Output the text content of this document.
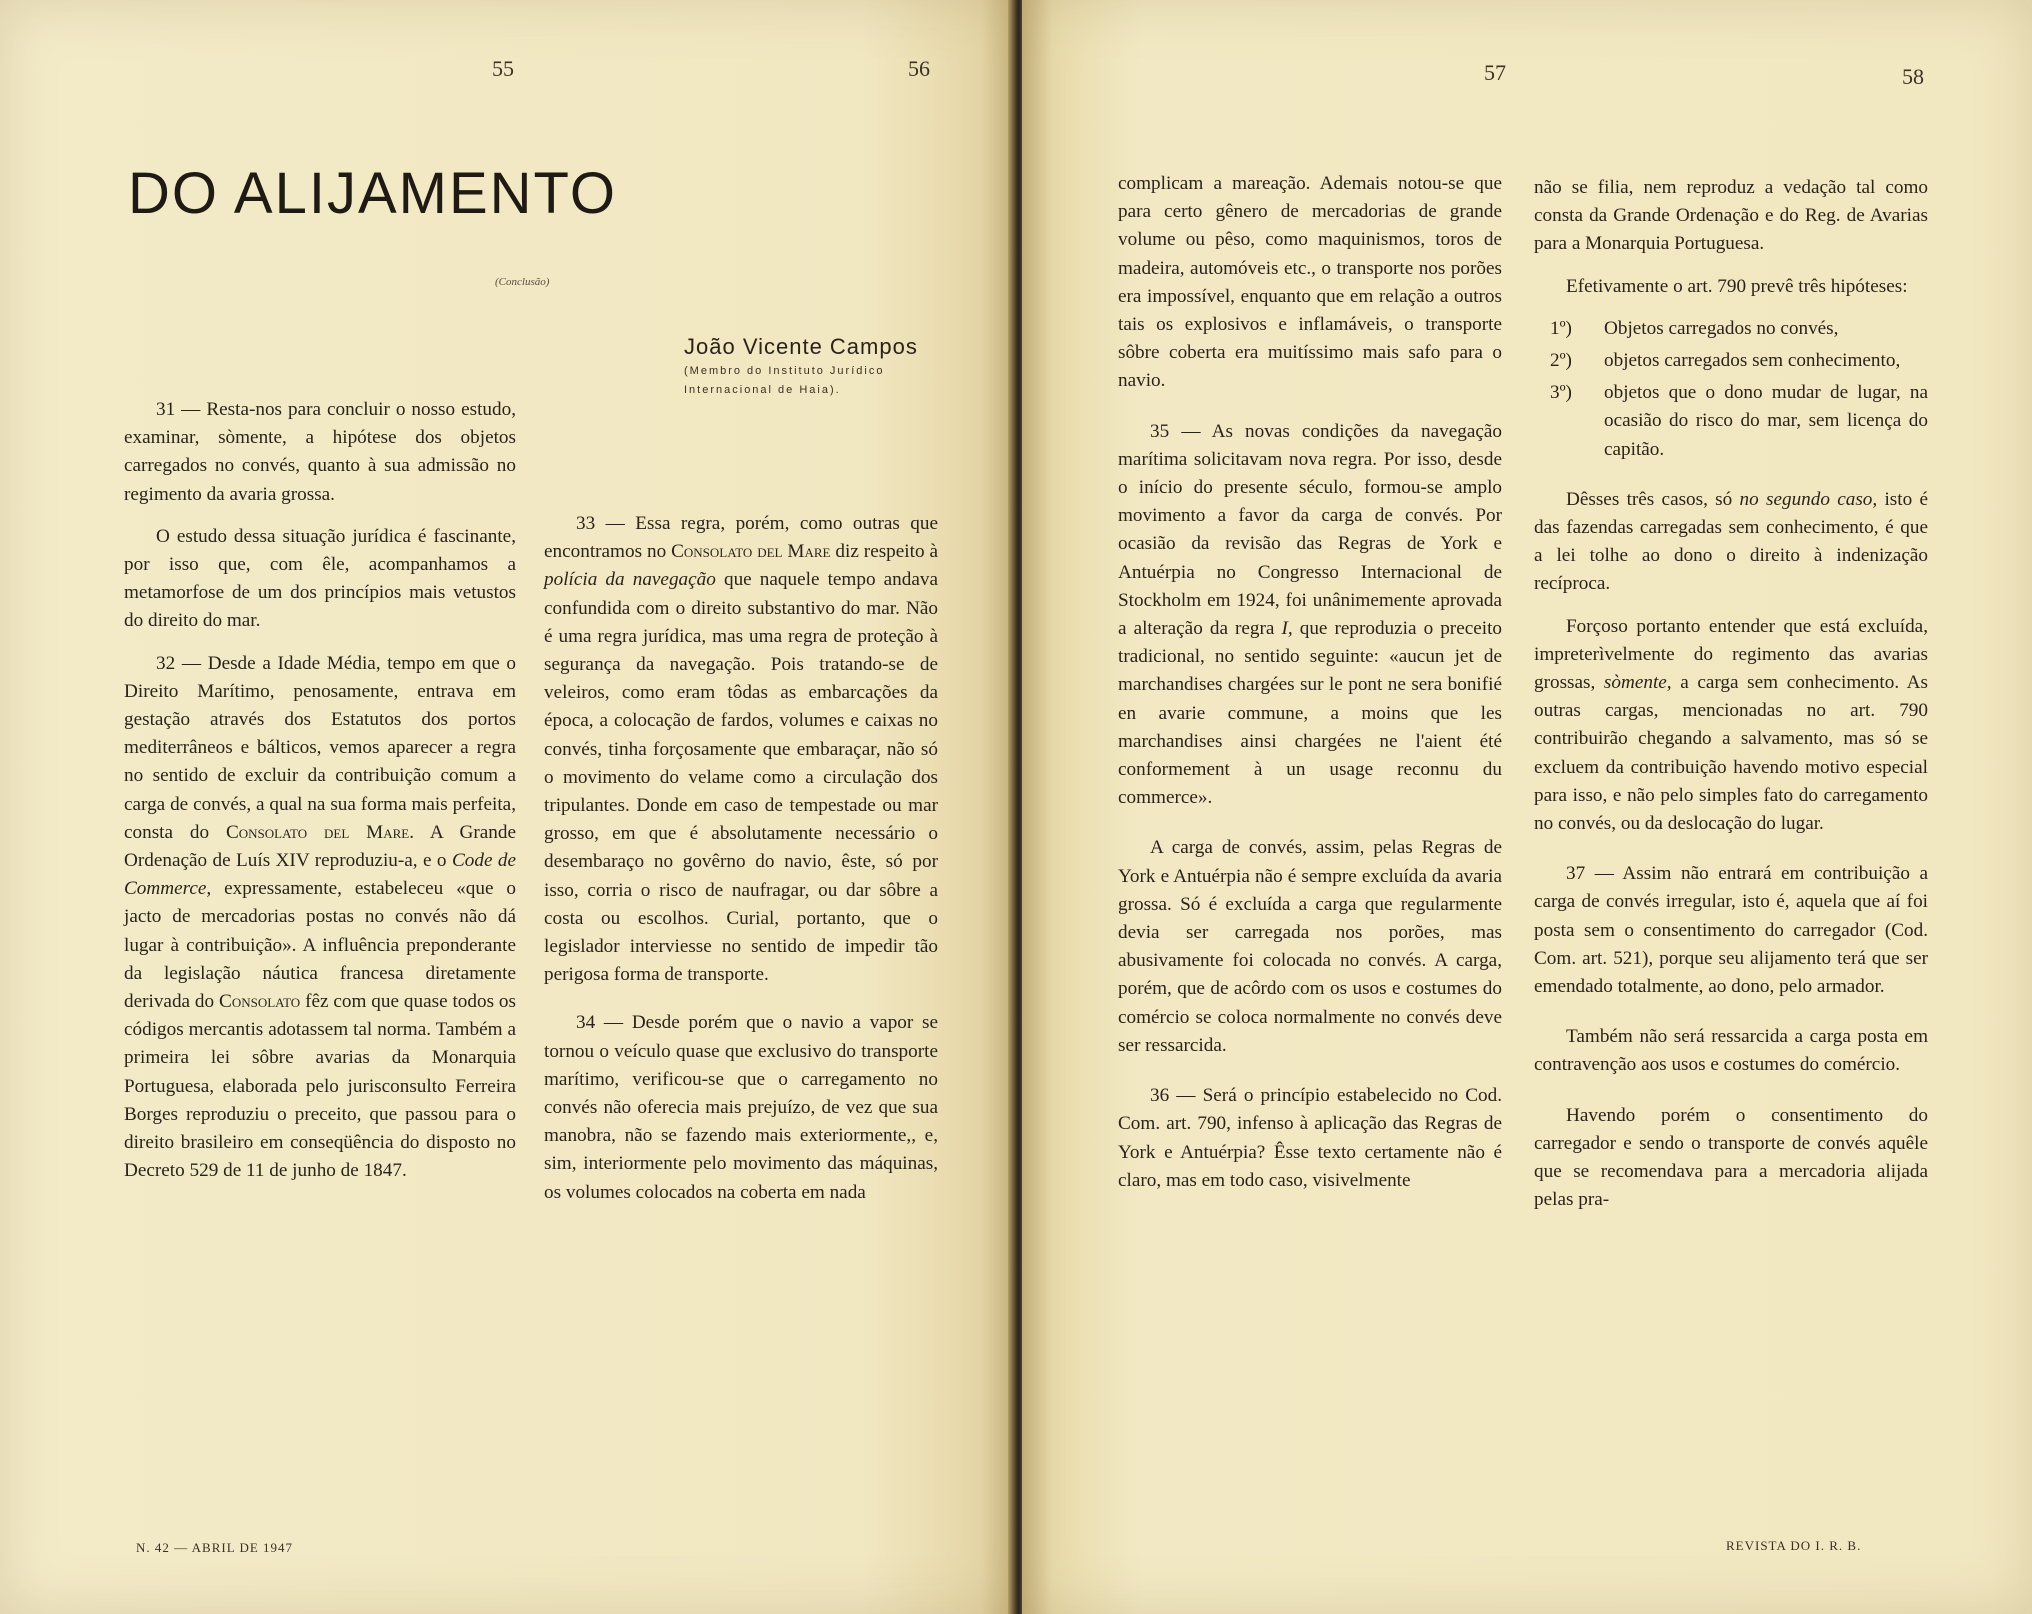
55	56
DO ALIJAMENTO
(Conclusão)
João Vicente Campos
(Membro do Instituto Jurídico
Internacional de Haia).

31 — Resta-nos para concluir o nosso estudo, examinar, sòmente, a hipótese dos objetos carregados no convés, quanto à sua admissão no regimento da avaria grossa.

O estudo dessa situação jurídica é fascinante, por isso que, com êle, acompanhamos a metamorfose de um dos princípios mais vetustos do direito do mar.

32 — Desde a Idade Média, tempo em que o Direito Marítimo, penosamente, entrava em gestação através dos Estatutos dos portos mediterrâneos e bálticos, vemos aparecer a regra no sentido de excluir da contribuição comum a carga de convés, a qual na sua forma mais perfeita, consta do Consolato del Mare. A Grande Ordenação de Luís XIV reproduziu-a, e o Code de Commerce, expressamente, estabeleceu «que o jacto de mercadorias postas no convés não dá lugar à contribuição». A influência preponderante da legislação náutica francesa diretamente derivada do Consolato fêz com que quase todos os códigos mercantis adotassem tal norma. Também a primeira lei sôbre avarias da Monarquia Portuguesa, elaborada pelo jurisconsulto Ferreira Borges reproduziu o preceito, que passou para o direito brasileiro em conseqüência do disposto no Decreto 529 de 11 de junho de 1847.

33 — Essa regra, porém, como outras que encontramos no Consolato del Mare diz respeito à polícia da navegação que naquele tempo andava confundida com o direito substantivo do mar. Não é uma regra jurídica, mas uma regra de proteção à segurança da navegação. Pois tratando-se de veleiros, como eram tôdas as embarcações da época, a colocação de fardos, volumes e caixas no convés, tinha forçosamente que embaraçar, não só o movimento do velame como a circulação dos tripulantes. Donde em caso de tempestade ou mar grosso, em que é absolutamente necessário o desembaraço no govêrno do navio, êste, só por isso, corria o risco de naufragar, ou dar sôbre a costa ou escolhos. Curial, portanto, que o legislador interviesse no sentido de impedir tão perigosa forma de transporte.

34 — Desde porém que o navio a vapor se tornou o veículo quase que exclusivo do transporte marítimo, verificou-se que o carregamento no convés não oferecia mais prejuízo, de vez que sua manobra, não se fazendo mais exteriormente,, e, sim, interiormente pelo movimento das máquinas, os volumes colocados na coberta em nada

N. 42 — ABRIL DE 1947
57	58

complicam a mareação. Ademais notou-se que para certo gênero de mercadorias de grande volume ou pêso, como maquinismos, toros de madeira, automóveis etc., o transporte nos porões era impossível, enquanto que em relação a outros tais os explosivos e inflamáveis, o transporte sôbre coberta era muitíssimo mais safo para o navio.

35 — As novas condições da navegação marítima solicitavam nova regra. Por isso, desde o início do presente século, formou-se amplo movimento a favor da carga de convés. Por ocasião da revisão das Regras de York e Antuérpia no Congresso Internacional de Stockholm em 1924, foi unânimemente aprovada a alteração da regra I, que reproduzia o preceito tradicional, no sentido seguinte: «aucun jet de marchandises chargées sur le pont ne sera bonifié en avarie commune, a moins que les marchandises ainsi chargées ne l'aient été conformement à un usage reconnu du commerce».

A carga de convés, assim, pelas Regras de York e Antuérpia não é sempre excluída da avaria grossa. Só é excluída a carga que regularmente devia ser carregada nos porões, mas abusivamente foi colocada no convés. A carga, porém, que de acôrdo com os usos e costumes do comércio se coloca normalmente no convés deve ser ressarcida.

36 — Será o princípio estabelecido no Cod. Com. art. 790, infenso à aplicação das Regras de York e Antuérpia? Êsse texto certamente não é claro, mas em todo caso, visivelmente

não se filia, nem reproduz a vedação tal como consta da Grande Ordenação e do Reg. de Avarias para a Monarquia Portuguesa.

Efetivamente o art. 790 prevê três hipóteses:

1º)	Objetos carregados no convés,
2º)	objetos carregados sem conhecimento,
3º)	objetos que o dono mudar de lugar, na ocasião do risco do mar, sem licença do capitão.

Dêsses três casos, só no segundo caso, isto é das fazendas carregadas sem conhecimento, é que a lei tolhe ao dono o direito à indenização recíproca.

Forçoso portanto entender que está excluída, impreterìvelmente do regimento das avarias grossas, sòmente, a carga sem conhecimento. As outras cargas, mencionadas no art. 790 contribuirão chegando a salvamento, mas só se excluem da contribuição havendo motivo especial para isso, e não pelo simples fato do carregamento no convés, ou da deslocação do lugar.

37 — Assim não entrará em contribuição a carga de convés irregular, isto é, aquela que aí foi posta sem o consentimento do carregador (Cod. Com. art. 521), porque seu alijamento terá que ser emendado totalmente, ao dono, pelo armador.

Também não será ressarcida a carga posta em contravenção aos usos e costumes do comércio.

Havendo porém o consentimento do carregador e sendo o transporte de convés aquêle que se recomendava para a mercadoria alijada pelas pra-

REVISTA DO I. R. B.
